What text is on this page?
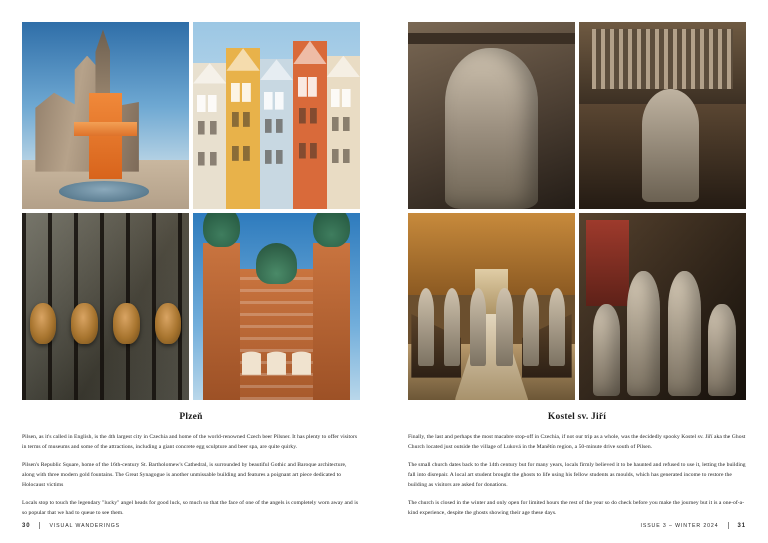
Plzeň

Pilsen, as it's called in English, is the 4th largest city in Czechia and home of the world-renowned Czech beer Pilsner. It has plenty to offer visitors in terms of museums and some of the attractions, including a giant concrete egg sculpture and beer spa, are quite quirky.

Pilsen's Republic Square, home of the 16th-century St. Bartholomew's Cathedral, is surrounded by beautiful Gothic and Baroque architecture, along with three modern gold fountains. The Great Synagogue is another unmissable building and features a poignant art piece dedicated to Holocaust victims

Locals stop to touch the legendary "lucky" angel heads for good luck, so much so that the face of one of the angels is completely worn away and is so popular that we had to queue to see them.

30	VISUAL WANDERINGS
Kostel sv. Jiří

Finally, the last and perhaps the most macabre stop-off in Czechia, if not our trip as a whole, was the decidedly spooky Kostel sv. Jiří aka the Ghost Church located just outside the village of Luková in the Manětín region, a 50-minute drive south of Pilsen.

The small church dates back to the 14th century but for many years, locals firmly believed it to be haunted and refused to use it, letting the building fall into disrepair. A local art student brought the ghosts to life using his fellow students as moulds, which has generated income to restore the building as visitors are asked for donations.

The church is closed in the winter and only open for limited hours the rest of the year so do check before you make the journey but it is a one-of-a-kind experience, despite the ghosts showing their age these days.

ISSUE 3 – WINTER 2024	31
